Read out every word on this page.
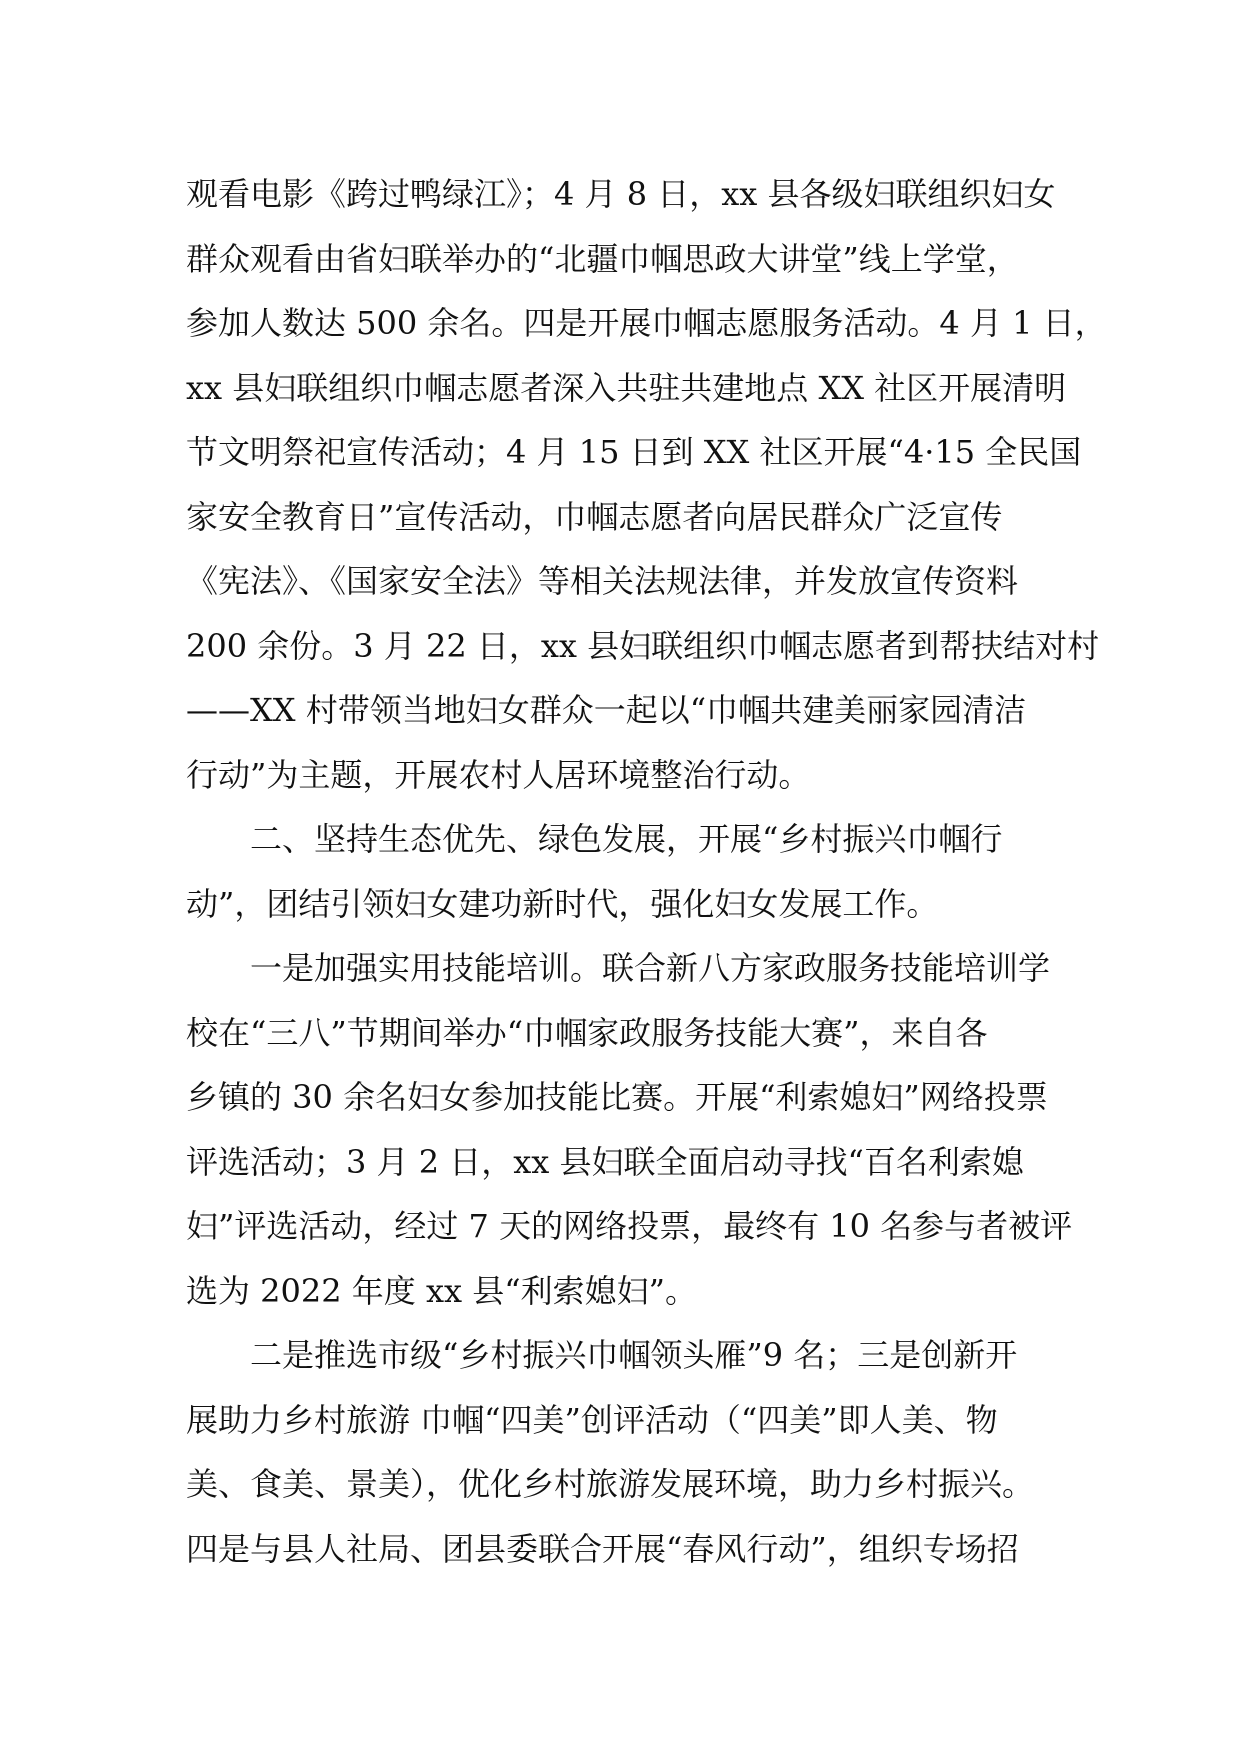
观看电影《跨过鸭绿江》；4 月 8 日，xx 县各级妇联组织妇女
群众观看由省妇联举办的“北疆巾帼思政大讲堂”线上学堂，
参加人数达 500 余名。四是开展巾帼志愿服务活动。4 月 1 日，
xx 县妇联组织巾帼志愿者深入共驻共建地点 XX 社区开展清明
节文明祭祀宣传活动；4 月 15 日到 XX 社区开展“4·15 全民国
家安全教育日”宣传活动，巾帼志愿者向居民群众广泛宣传
《宪法》、《国家安全法》等相关法规法律，并发放宣传资料
200 余份。3 月 22 日，xx 县妇联组织巾帼志愿者到帮扶结对村
——XX 村带领当地妇女群众一起以“巾帼共建美丽家园清洁
行动”为主题，开展农村人居环境整治行动。
二、坚持生态优先、绿色发展，开展“乡村振兴巾帼行
动”，团结引领妇女建功新时代，强化妇女发展工作。
一是加强实用技能培训。联合新八方家政服务技能培训学
校在“三八”节期间举办“巾帼家政服务技能大赛”，来自各
乡镇的 30 余名妇女参加技能比赛。开展“利索媳妇”网络投票
评选活动；3 月 2 日，xx 县妇联全面启动寻找“百名利索媳
妇”评选活动，经过 7 天的网络投票，最终有 10 名参与者被评
选为 2022 年度 xx 县“利索媳妇”。
二是推选市级“乡村振兴巾帼领头雁”9 名；三是创新开
展助力乡村旅游 巾帼“四美”创评活动（“四美”即人美、物
美、食美、景美），优化乡村旅游发展环境，助力乡村振兴。
四是与县人社局、团县委联合开展“春风行动”，组织专场招
